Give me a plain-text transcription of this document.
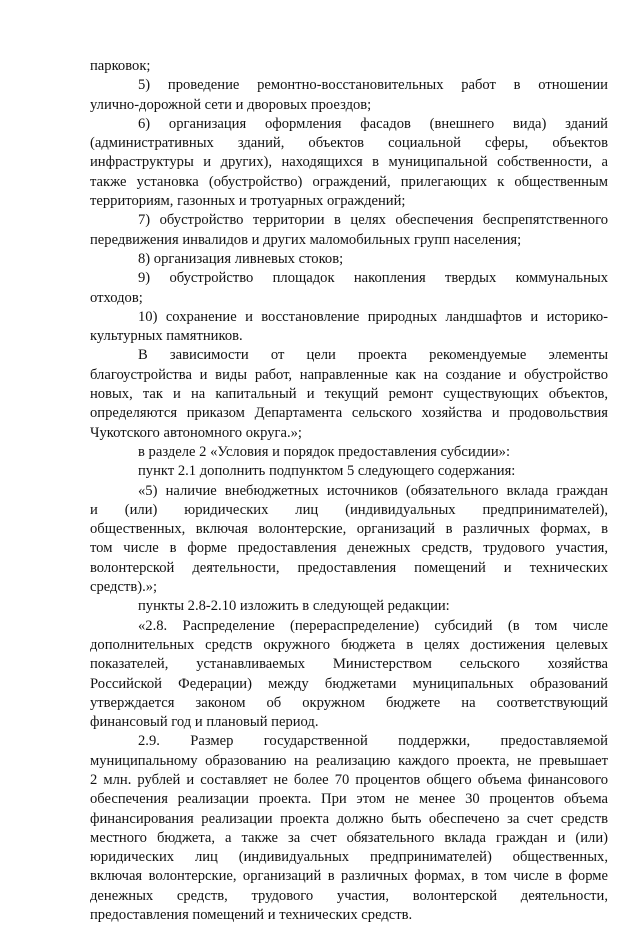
парковок;
5) проведение ремонтно-восстановительных работ в отношении
улично-дорожной сети и дворовых проездов;
6) организация оформления фасадов (внешнего вида) зданий
(административных зданий, объектов социальной сферы, объектов
инфраструктуры и других), находящихся в муниципальной собственности, а
также установка (обустройство) ограждений, прилегающих к общественным
территориям, газонных и тротуарных ограждений;
7) обустройство территории в целях обеспечения беспрепятственного
передвижения инвалидов и других маломобильных групп населения;
8) организация ливневых стоков;
9) обустройство площадок накопления твердых коммунальных
отходов;
10) сохранение и восстановление природных ландшафтов и историко-
культурных памятников.
В зависимости от цели проекта рекомендуемые элементы
благоустройства и виды работ, направленные как на создание и обустройство
новых, так и на капитальный и текущий ремонт существующих объектов,
определяются приказом Департамента сельского хозяйства и продовольствия
Чукотского автономного округа.»;
в разделе 2 «Условия и порядок предоставления субсидии»:
пункт 2.1 дополнить подпунктом 5 следующего содержания:
«5) наличие внебюджетных источников (обязательного вклада граждан
и (или) юридических лиц (индивидуальных предпринимателей),
общественных, включая волонтерские, организаций в различных формах, в
том числе в форме предоставления денежных средств, трудового участия,
волонтерской деятельности, предоставления помещений и технических
средств).»;
пункты 2.8-2.10 изложить в следующей редакции:
«2.8. Распределение (перераспределение) субсидий (в том числе
дополнительных средств окружного бюджета в целях достижения целевых
показателей, устанавливаемых Министерством сельского хозяйства
Российской Федерации) между бюджетами муниципальных образований
утверждается законом об окружном бюджете на соответствующий
финансовый год и плановый период.
2.9. Размер государственной поддержки, предоставляемой
муниципальному образованию на реализацию каждого проекта, не превышает
2 млн. рублей и составляет не более 70 процентов общего объема финансового
обеспечения реализации проекта. При этом не менее 30 процентов объема
финансирования реализации проекта должно быть обеспечено за счет средств
местного бюджета, а также за счет обязательного вклада граждан и (или)
юридических лиц (индивидуальных предпринимателей) общественных,
включая волонтерские, организаций в различных формах, в том числе в форме
денежных средств, трудового участия, волонтерской деятельности,
предоставления помещений и технических средств.
